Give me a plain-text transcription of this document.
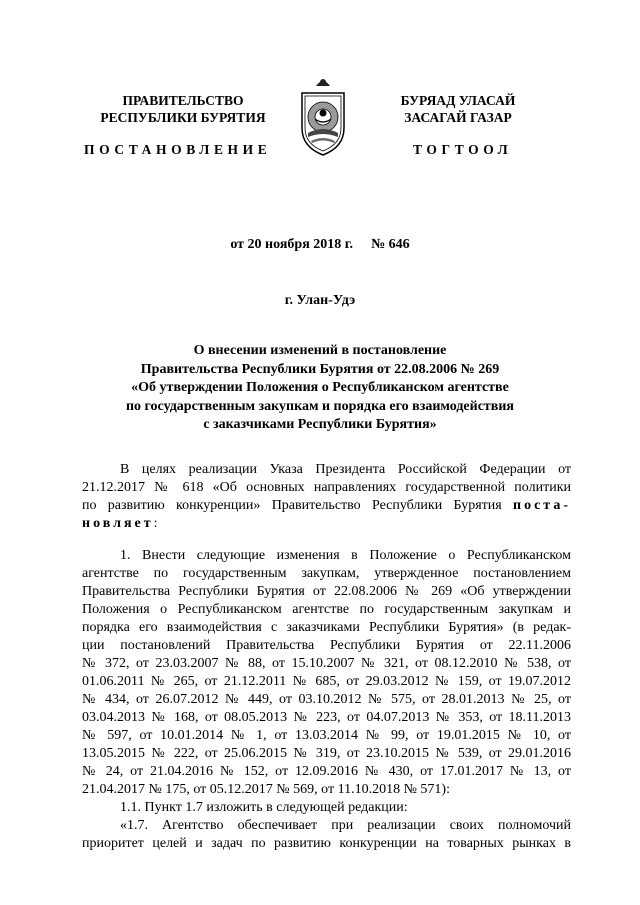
ПРАВИТЕЛЬСТВО
РЕСПУБЛИКИ БУРЯТИЯ
БУРЯАД УЛАСАЙ
ЗАСАГАЙ ГАЗАР
ПОСТАНОВЛЕНИЕ	ТОГТООЛ
от 20 ноября 2018 г. № 646
г. Улан-Удэ
О внесении изменений в постановление
Правительства Республики Бурятия от 22.08.2006 № 269
«Об утверждении Положения о Республиканском агентстве
по государственным закупкам и порядка его взаимодействия
с заказчиками Республики Бурятия»
В целях реализации Указа Президента Российской Федерации от
21.12.2017 № 618 «Об основных направлениях государственной политики
по развитию конкуренции» Правительство Республики Бурятия поста-
новляет:
1. Внести следующие изменения в Положение о Республиканском
агентстве по государственным закупкам, утвержденное постановлением
Правительства Республики Бурятия от 22.08.2006 № 269 «Об утверждении
Положения о Республиканском агентстве по государственным закупкам и
порядка его взаимодействия с заказчиками Республики Бурятия» (в редак-
ции постановлений Правительства Республики Бурятия от 22.11.2006
№ 372, от 23.03.2007 № 88, от 15.10.2007 № 321, от 08.12.2010 № 538, от
01.06.2011 № 265, от 21.12.2011 № 685, от 29.03.2012 № 159, от 19.07.2012
№ 434, от 26.07.2012 № 449, от 03.10.2012 № 575, от 28.01.2013 № 25, от
03.04.2013 № 168, от 08.05.2013 № 223, от 04.07.2013 № 353, от 18.11.2013
№ 597, от 10.01.2014 № 1, от 13.03.2014 № 99, от 19.01.2015 № 10, от
13.05.2015 № 222, от 25.06.2015 № 319, от 23.10.2015 № 539, от 29.01.2016
№ 24, от 21.04.2016 № 152, от 12.09.2016 № 430, от 17.01.2017 № 13, от
21.04.2017 № 175, от 05.12.2017 № 569, от 11.10.2018 № 571):
1.1. Пункт 1.7 изложить в следующей редакции:
«1.7. Агентство обеспечивает при реализации своих полномочий
приоритет целей и задач по развитию конкуренции на товарных рынках в
